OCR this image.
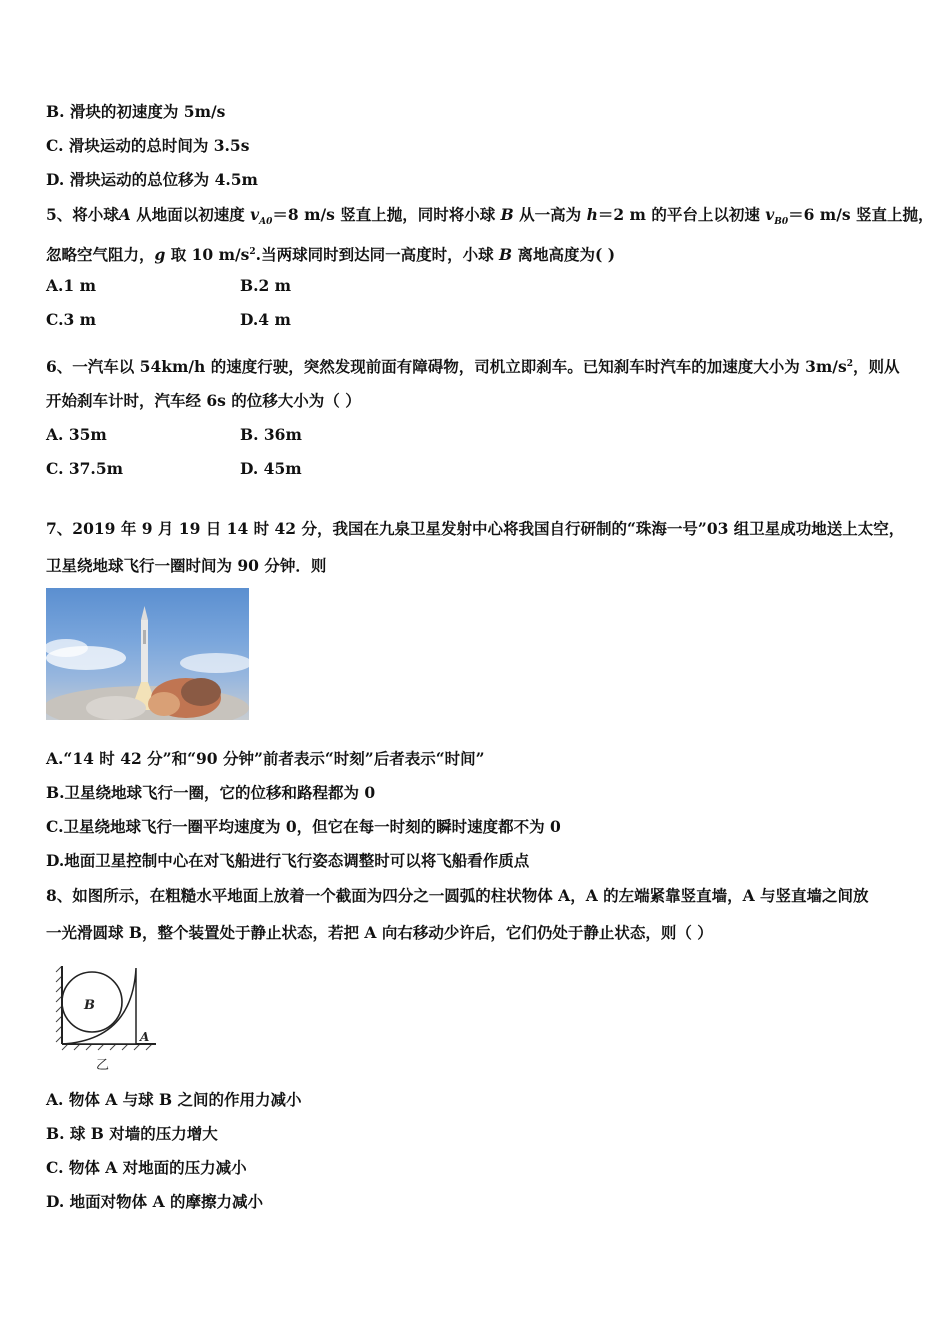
B. 滑块的初速度为 5m/s
C. 滑块运动的总时间为 3.5s
D. 滑块运动的总位移为 4.5m
5、将小球A 从地面以初速度 $v_{A0}=8$ m/s 竖直上抛，同时将小球 B 从一高为 h＝2 m 的平台上以初速 $v_{B0}=6$ m/s 竖直上抛，
忽略空气阻力，g 取 10 $m/s^2$.当两球同时到达同一高度时，小球 B 离地高度为( )
A.1 m	B.2 m
C.3 m	D.4 m
6、一汽车以 54km/h 的速度行驶，突然发现前面有障碍物，司机立即刹车。已知刹车时汽车的加速度大小为 $3m/s^2$，则从
开始刹车计时，汽车经 6s 的位移大小为（ ）
A. 35m	B. 36m
C. 37.5m	D. 45m
7、2019 年 9 月 19 日 14 时 42 分，我国在九泉卫星发射中心将我国自行研制的“珠海一号”03 组卫星成功地送上太空，
卫星绕地球飞行一圈时间为 90 分钟．则
A.“14 时 42 分”和“90 分钟”前者表示“时刻”后者表示“时间”
B.卫星绕地球飞行一圈，它的位移和路程都为 0
C.卫星绕地球飞行一圈平均速度为 0，但它在每一时刻的瞬时速度都不为 0
D.地面卫星控制中心在对飞船进行飞行姿态调整时可以将飞船看作质点
8、如图所示，在粗糙水平地面上放着一个截面为四分之一圆弧的柱状物体 A，A 的左端紧靠竖直墙，A 与竖直墙之间放
一光滑圆球 B，整个装置处于静止状态，若把 A 向右移动少许后，它们仍处于静止状态，则（ ）
B
A
乙
A. 物体 A 与球 B 之间的作用力减小
B. 球 B 对墙的压力增大
C. 物体 A 对地面的压力减小
D. 地面对物体 A 的摩擦力减小
